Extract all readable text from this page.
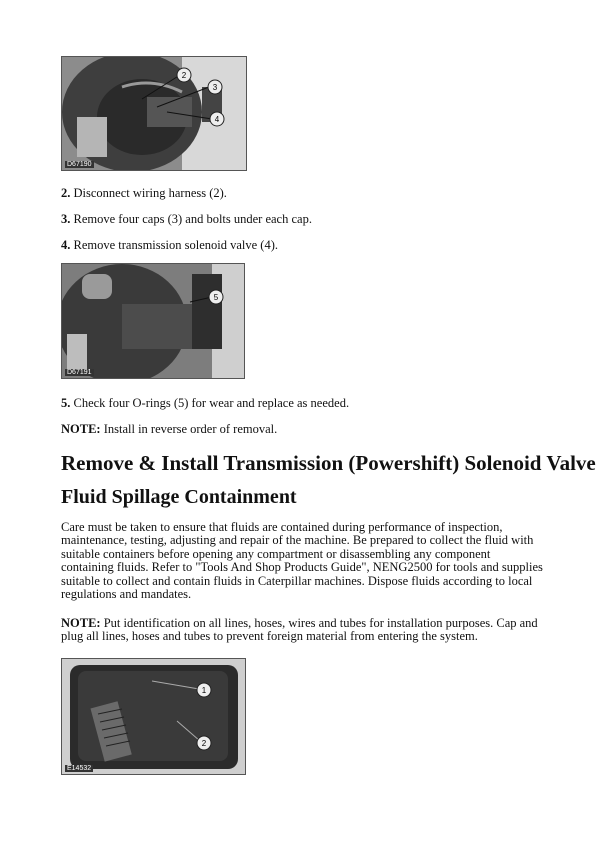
2
3
4
D67190
2. Disconnect wiring harness (2).
3. Remove four caps (3) and bolts under each cap.
4. Remove transmission solenoid valve (4).
5
D67191
5. Check four O-rings (5) for wear and replace as needed.
NOTE: Install in reverse order of removal.
Remove & Install Transmission (Powershift) Solenoid Valve
Fluid Spillage Containment
Care must be taken to ensure that fluids are contained during performance of inspection, maintenance, testing, adjusting and repair of the machine. Be prepared to collect the fluid with suitable containers before opening any compartment or disassembling any component containing fluids. Refer to "Tools And Shop Products Guide", NENG2500 for tools and supplies suitable to collect and contain fluids in Caterpillar machines. Dispose fluids according to local regulations and mandates.
NOTE: Put identification on all lines, hoses, wires and tubes for installation purposes. Cap and plug all lines, hoses and tubes to prevent foreign material from entering the system.
1
2
E14532
